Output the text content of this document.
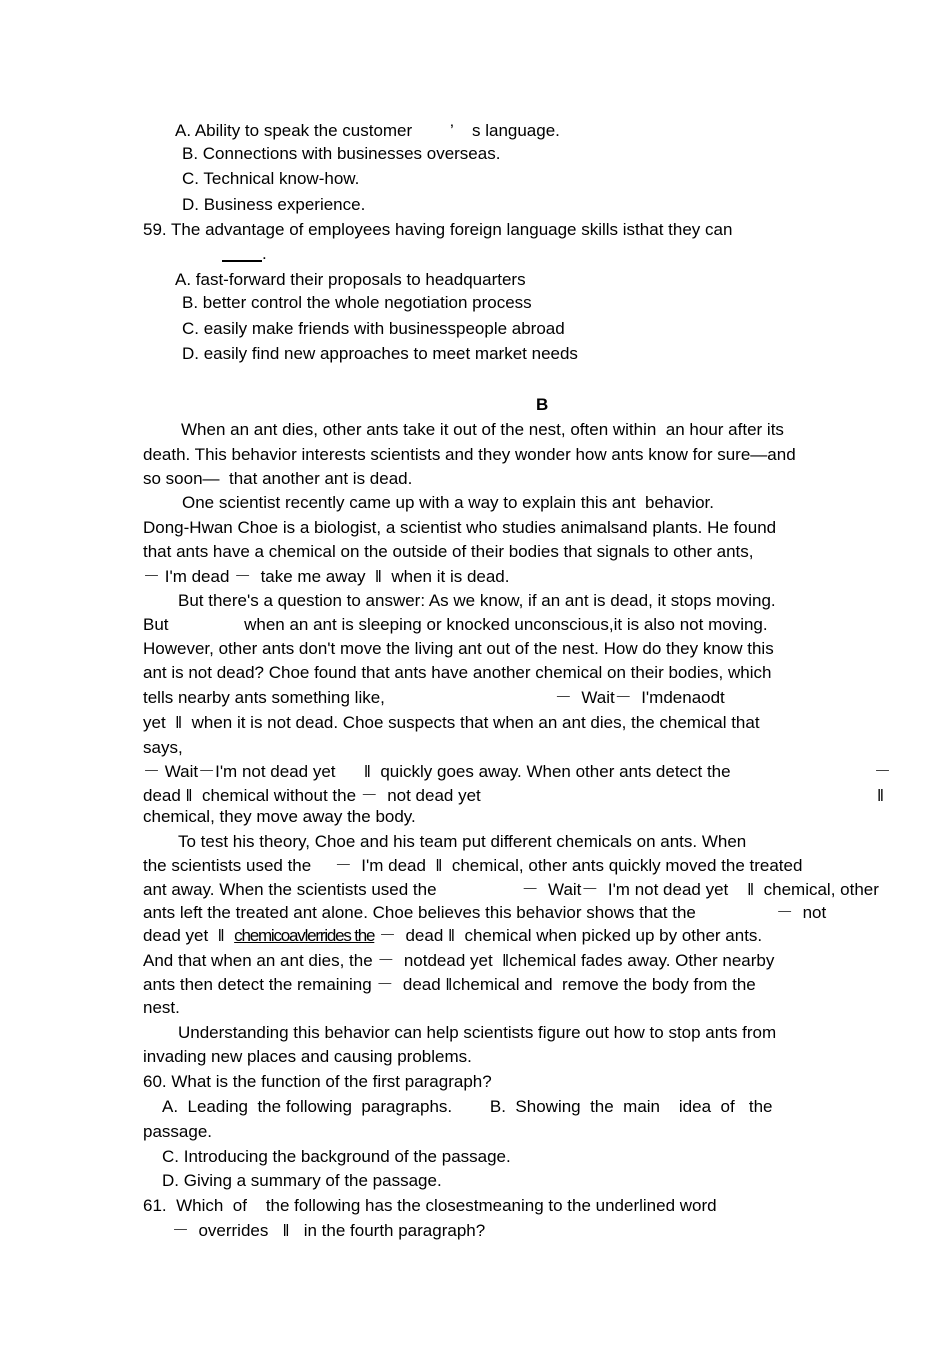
A. Ability to speak the customer        ’    s language.
B. Connections with businesses overseas.
C. Technical know-how.
D. Business experience.
59. The advantage of employees having foreign language skills isthat they can
.
A. fast-forward their proposals to headquarters
B. better control the whole negotiation process
C. easily make friends with businesspeople abroad
D. easily find new approaches to meet market needs
B
When an ant dies, other ants take it out of the nest, often within  an hour after its
death. This behavior interests scientists and they wonder how ants know for sure—and
so soon—  that another ant is dead.
One scientist recently came up with a way to explain this ant  behavior.
Dong-Hwan Choe is a biologist, a scientist who studies animalsand plants. He found
that ants have a chemical on the outside of their bodies that signals to other ants,
－ I'm dead －  take me away  ‖  when it is dead.
But there's a question to answer: As we know, if an ant is dead, it stops moving.
But                when an ant is sleeping or knocked unconscious,it is also not moving.
However, other ants don't move the living ant out of the nest. How do they know this
ant is not dead? Choe found that ants have another chemical on their bodies, which
tells nearby ants something like,                                    －  Wait－  I'mdenaodt
yet  ‖  when it is not dead. Choe suspects that when an ant dies, the chemical that
says,
－ Wait－I'm not dead yet      ‖  quickly goes away. When other ants detect the	－
dead ‖  chemical without the －  not dead yet	‖
chemical, they move away the body.
To test his theory, Choe and his team put different chemicals on ants. When
the scientists used the     －  I'm dead  ‖  chemical, other ants quickly moved the treated
ant away. When the scientists used the                  －  Wait－  I'm not dead yet    ‖  chemical, other
ants left the treated ant alone. Choe believes this behavior shows that the                 －  not
dead yet  ‖  chemicoavlerrides the －  dead ‖  chemical when picked up by other ants.
And that when an ant dies, the －  notdead yet  ‖chemical fades away. Other nearby
ants then detect the remaining －  dead ‖chemical and  remove the body from the
nest.
Understanding this behavior can help scientists figure out how to stop ants from
invading new places and causing problems.
60. What is the function of the first paragraph?
A.  Leading  the following  paragraphs.        B.  Showing  the  main    idea  of   the
passage.
C. Introducing the background of the passage.
D. Giving a summary of the passage.
61.  Which  of    the following has the closestmeaning to the underlined word
－  overrides   ‖   in the fourth paragraph?
